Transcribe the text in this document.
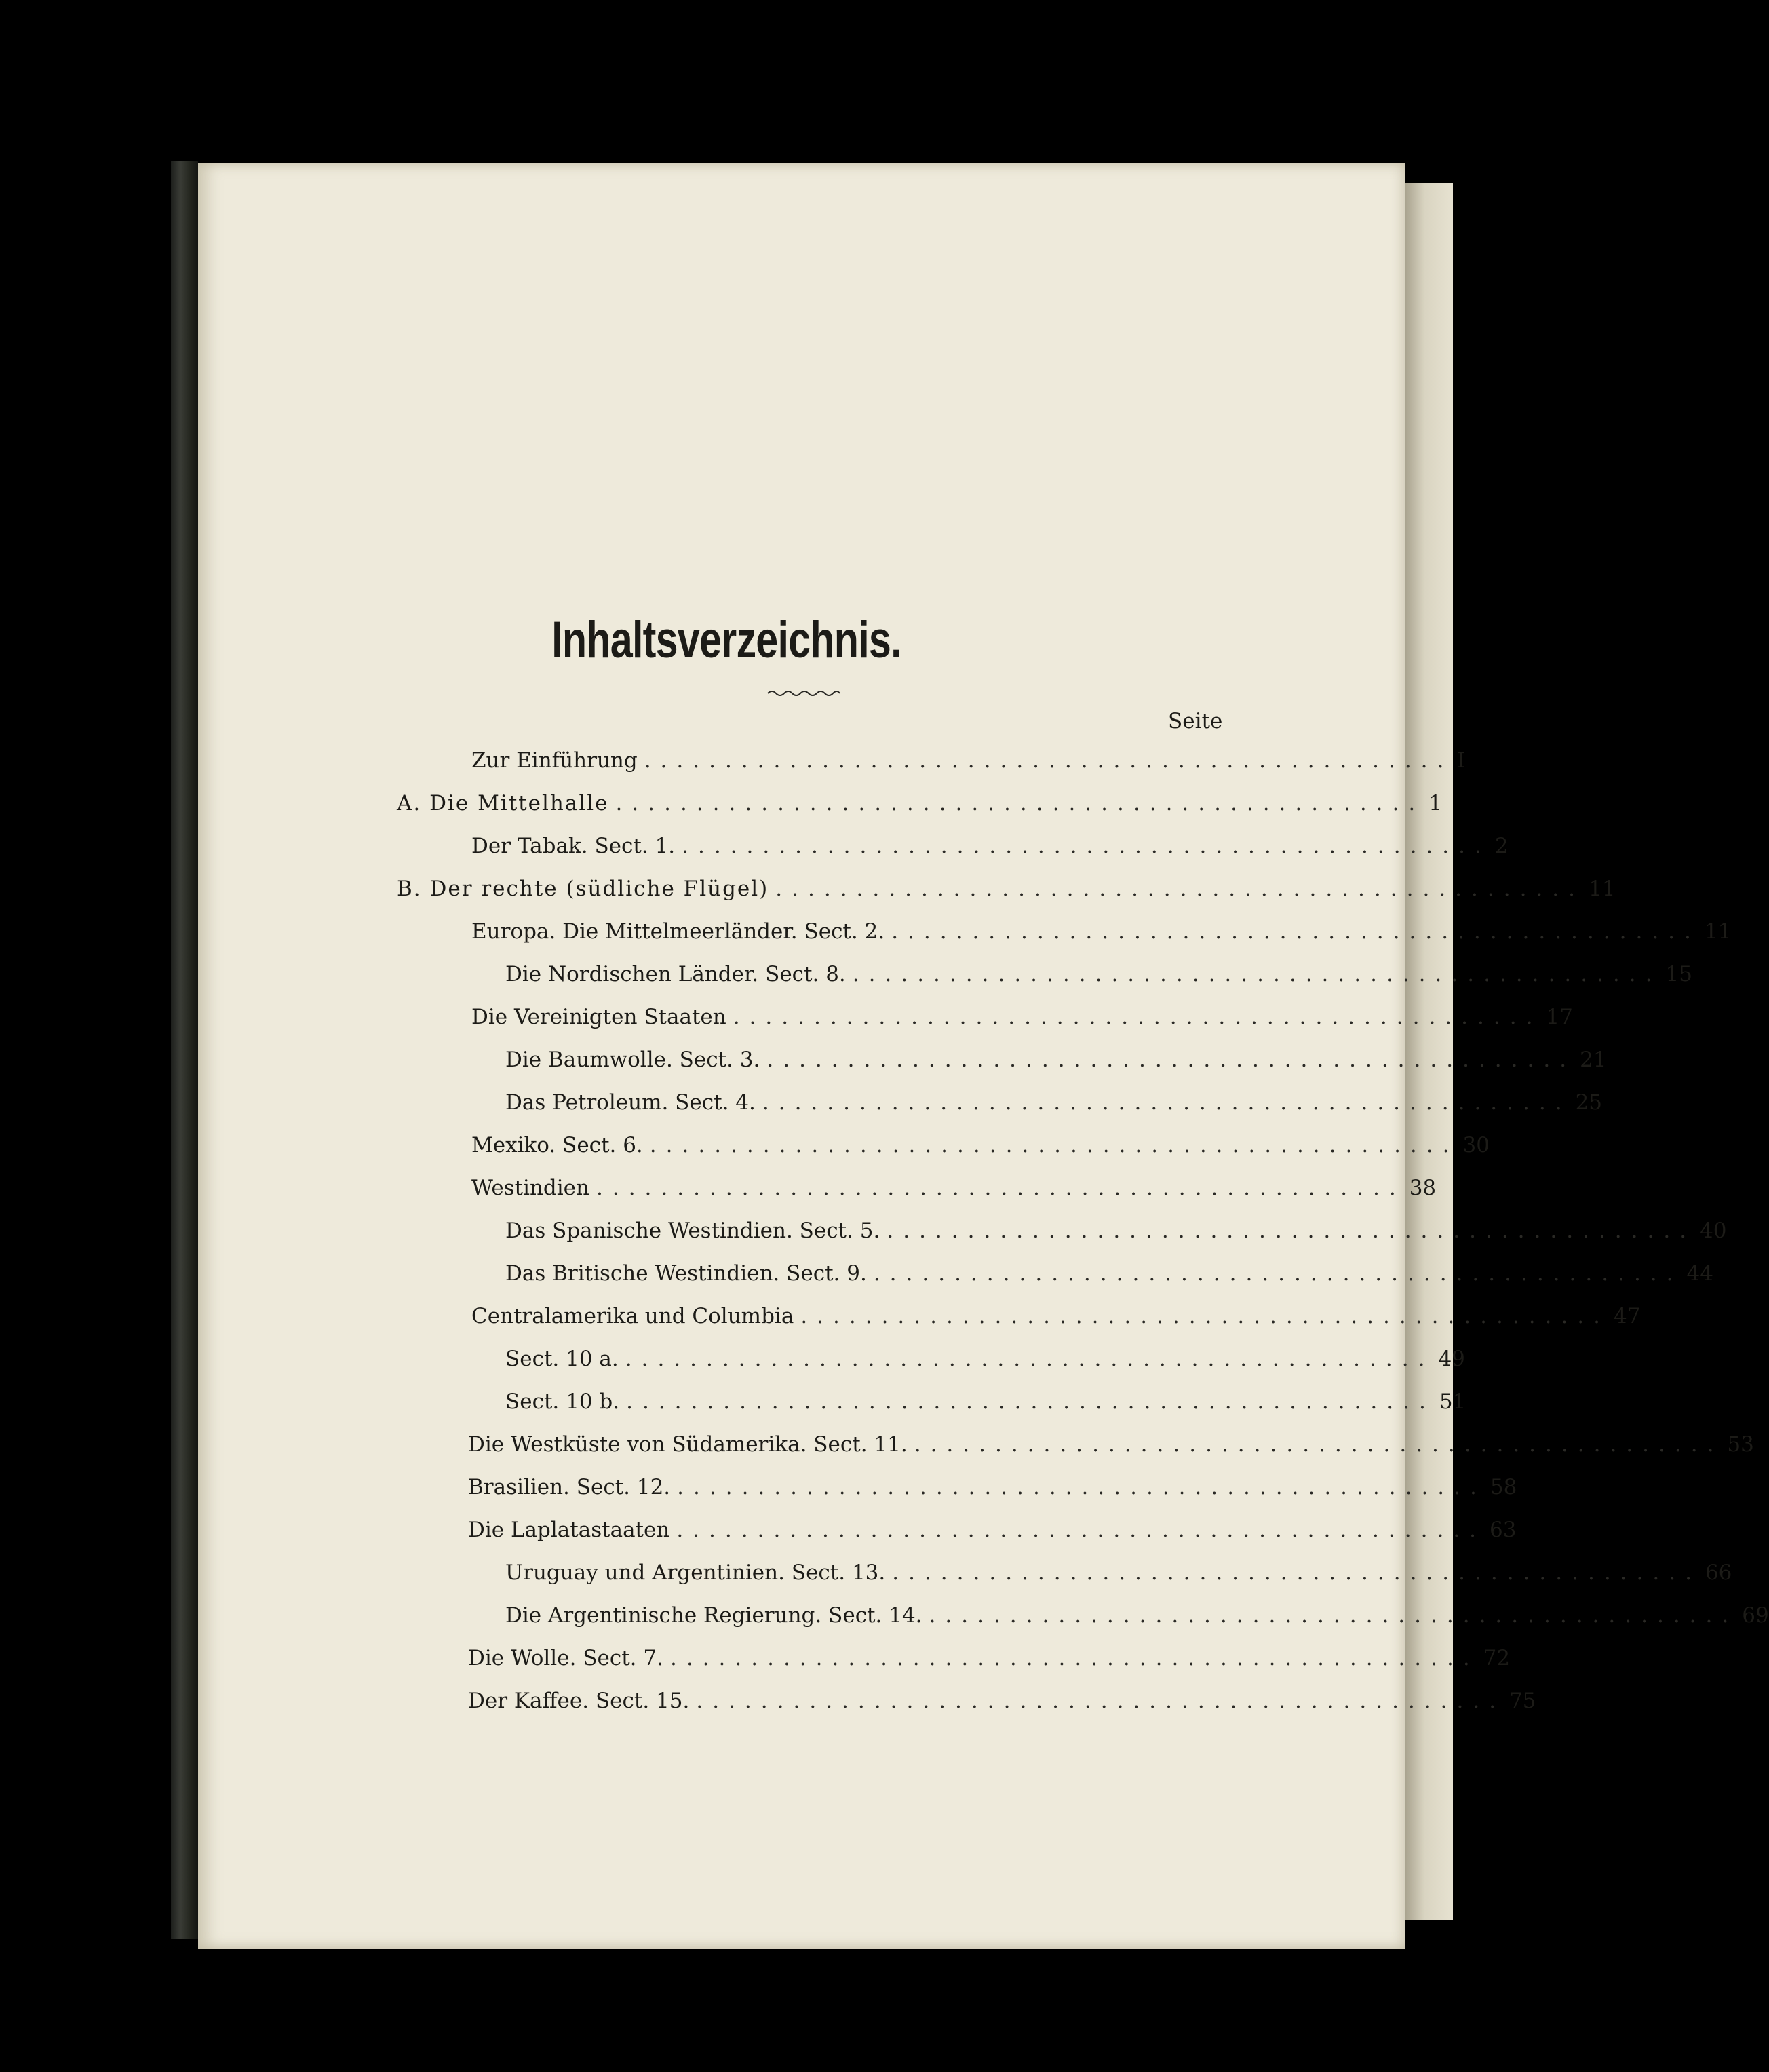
Inhaltsverzeichnis.
Seite
Zur Einführung .................................................. I
A. Die Mittelhalle .................................................. 1
Der Tabak. Sect. 1. .................................................. 2
B. Der rechte (südliche Flügel) .................................................. 11
Europa. Die Mittelmeerländer. Sect. 2. .................................................. 11
Die Nordischen Länder. Sect. 8. .................................................. 15
Die Vereinigten Staaten .................................................. 17
Die Baumwolle. Sect. 3. .................................................. 21
Das Petroleum. Sect. 4. .................................................. 25
Mexiko. Sect. 6. .................................................. 30
Westindien .................................................. 38
Das Spanische Westindien. Sect. 5. .................................................. 40
Das Britische Westindien. Sect. 9. .................................................. 44
Centralamerika und Columbia .................................................. 47
Sect. 10 a. .................................................. 49
Sect. 10 b. .................................................. 51
Die Westküste von Südamerika. Sect. 11. .................................................. 53
Brasilien. Sect. 12. .................................................. 58
Die Laplatastaaten .................................................. 63
Uruguay und Argentinien. Sect. 13. .................................................. 66
Die Argentinische Regierung. Sect. 14. .................................................. 69
Die Wolle. Sect. 7. .................................................. 72
Der Kaffee. Sect. 15. .................................................. 75
